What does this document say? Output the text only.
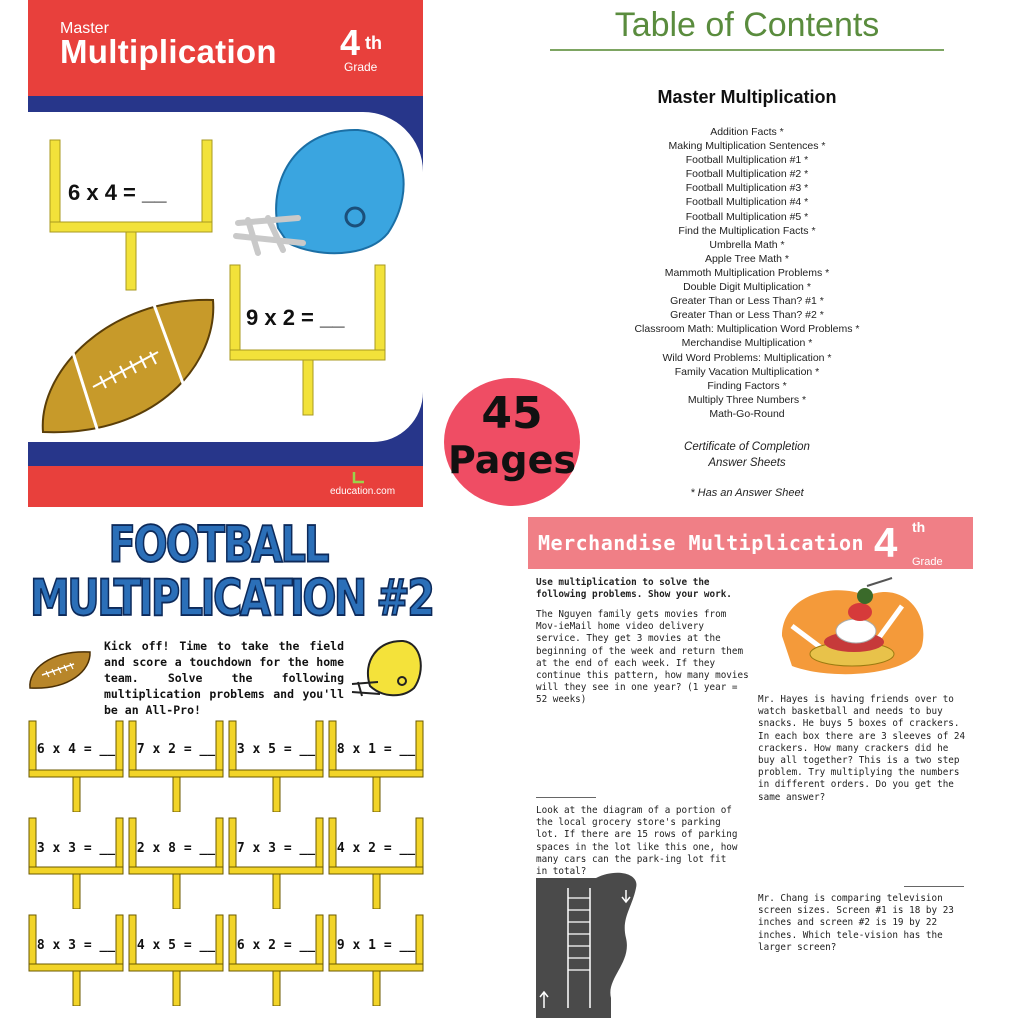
Master
Multiplication 4 th
Grade
6 x 4 = __
9 x 2 = __
education.com
Table of Contents
Master Multiplication
Addition Facts *
Making Multiplication Sentences *
Football Multiplication #1 *
Football Multiplication #2 *
Football Multiplication #3 *
Football Multiplication #4 *
Football Multiplication #5 *
Find the Multiplication Facts *
Umbrella Math *
Apple Tree Math *
Mammoth Multiplication Problems *
Double Digit Multiplication *
Greater Than or Less Than? #1 *
Greater Than or Less Than? #2 *
Classroom Math: Multiplication Word Problems *
Merchandise Multiplication *
Wild Word Problems: Multiplication *
Family Vacation Multiplication *
Finding Factors *
Multiply Three Numbers *
Math-Go-Round
Certificate of Completion
Answer Sheets
* Has an Answer Sheet
45
Pages
FOOTBALL
MULTIPLICATION #2
Kick off! Time to take the field and score a touchdown for the home team. Solve the following multiplication problems and you'll be an All-Pro!
6 x 4 = __	7 x 2 = __	3 x 5 = __	8 x 1 = __
3 x 3 = __	2 x 8 = __	7 x 3 = __	4 x 2 = __
8 x 3 = __	4 x 5 = __	6 x 2 = __	9 x 1 = __
Merchandise Multiplication 4 th
Grade
Use multiplication to solve the following problems. Show your work.
The Nguyen family gets movies from Mov-ieMail home video delivery service. They get 3 movies at the beginning of the week and return them at the end of each week. If they continue this pattern, how many movies will they see in one year? (1 year = 52 weeks)	Mr. Hayes is having friends over to watch basketball and needs to buy snacks. He buys 5 boxes of crackers. In each box there are 3 sleeves of 24 crackers. How many crackers did he buy all together? This is a two step problem. Try multiplying the numbers in different orders. Do you get the same answer?
Look at the diagram of a portion of the local grocery store's parking lot. If there are 15 rows of parking spaces in the lot like this one, how many cars can the park-ing lot fit in total?
Mr. Chang is comparing television screen sizes. Screen #1 is 18 by 23 inches and screen #2 is 19 by 22 inches. Which tele-vision has the larger screen?
